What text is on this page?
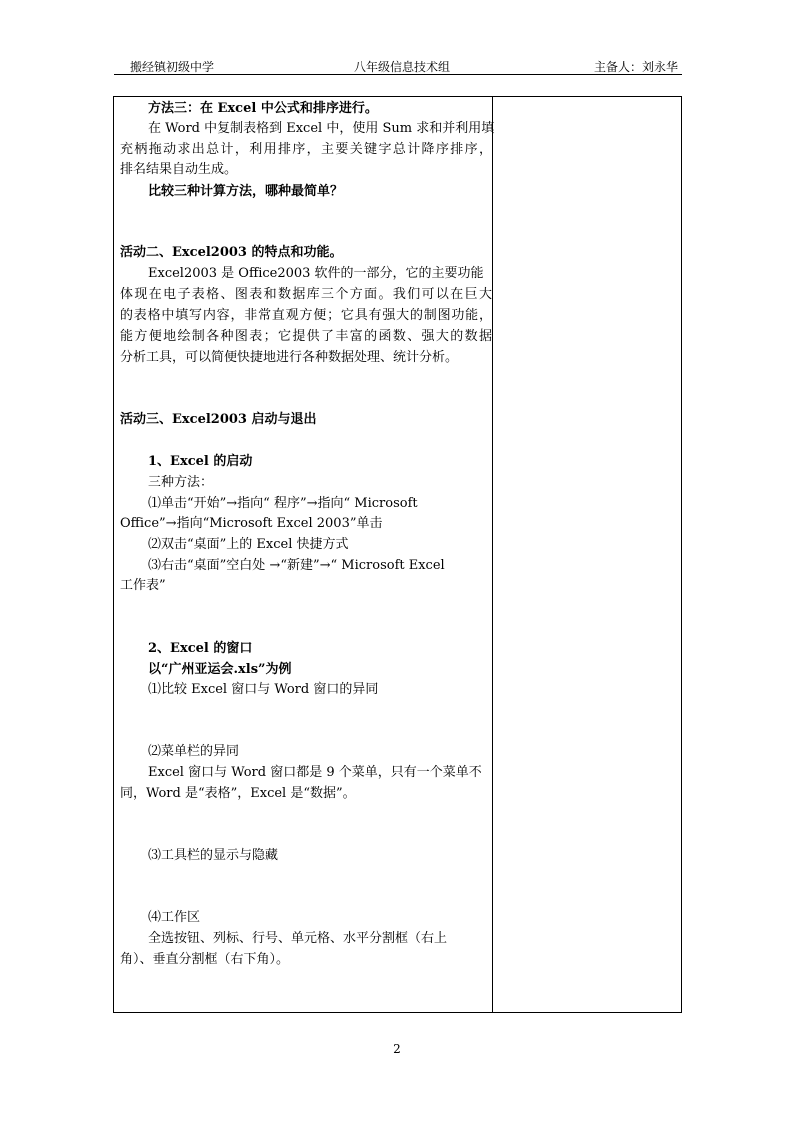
搬经镇初级中学	八年级信息技术组	主备人：刘永华
方法三：在 Excel 中公式和排序进行。
在 Word 中复制表格到 Excel 中，使用 Sum 求和并利用填
充柄拖动求出总计，利用排序，主要关键字总计降序排序，
排名结果自动生成。
比较三种计算方法，哪种最简单？
活动二、Excel2003 的特点和功能。
Excel2003 是 Office2003 软件的一部分，它的主要功能
体现在电子表格、图表和数据库三个方面。我们可以在巨大
的表格中填写内容，非常直观方便；它具有强大的制图功能，
能方便地绘制各种图表；它提供了丰富的函数、强大的数据
分析工具，可以简便快捷地进行各种数据处理、统计分析。
活动三、Excel2003 启动与退出
1、Excel 的启动
三种方法：
⑴单击“开始”→指向“ 程序”→指向“ Microsoft
Office”→指向“Microsoft Excel 2003”单击
⑵双击“桌面”上的 Excel 快捷方式
⑶右击“桌面”空白处 →“新建”→“ Microsoft Excel
工作表”
2、Excel 的窗口
以“广州亚运会.xls”为例
⑴比较 Excel 窗口与 Word 窗口的异同
⑵菜单栏的异同
Excel 窗口与 Word 窗口都是 9 个菜单，只有一个菜单不
同，Word 是“表格”，Excel 是“数据”。
⑶工具栏的显示与隐藏
⑷工作区
全选按钮、列标、行号、单元格、水平分割框（右上
角）、垂直分割框（右下角）。
2
